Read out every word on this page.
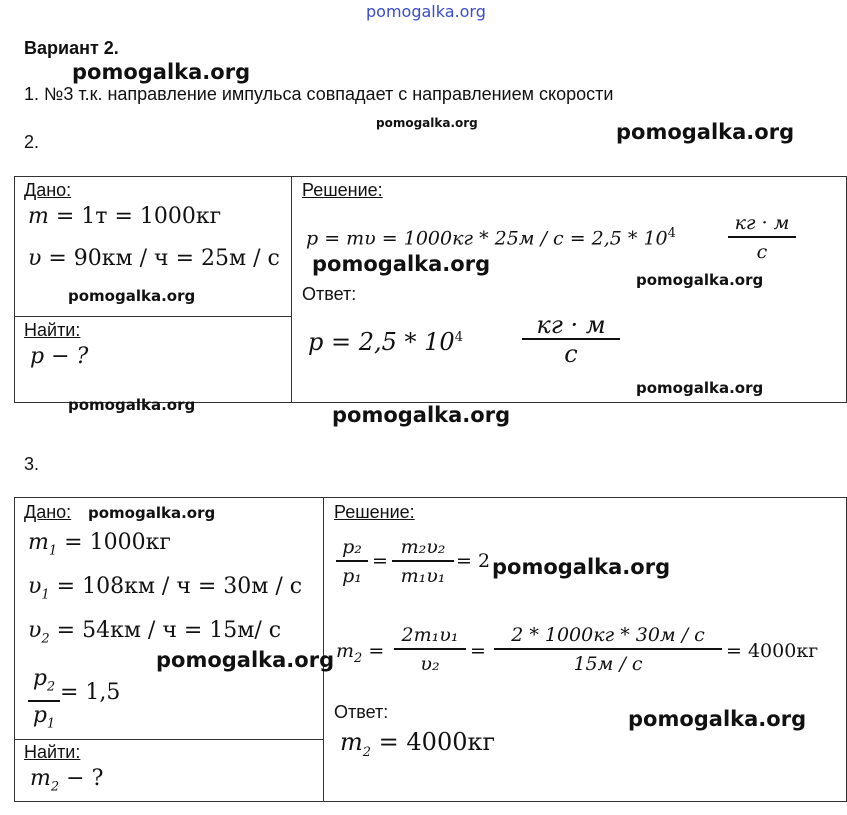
pomogalka.org
Вариант 2.
pomogalka.org
1. №3 т.к. направление импульса совпадает с направлением скорости
pomogalka.org
2.	pomogalka.org
Дано:
m = 1т = 1000кг
υ = 90км / ч = 25м / с
pomogalka.org
Найти:
p − ?
pomogalka.org
Решение:
$p = m\upsilon = 1000кг * 25м / с = 2,5 * 10^4$	кг · м
с
pomogalka.org
pomogalka.org
Ответ:
$p = 2,5 * 10^4$	кг · м
с
pomogalka.org
pomogalka.org
3.
Дано: pomogalka.org
$m_1 = 1000кг$
$\upsilon_1 = 108км / ч = 30м / с$
$\upsilon_2 = 54км / ч = 15м/$ с
pomogalka.org
$p_2$
$p_1$
= 1,5
Найти:
$m_2$ − ?
Решение:
p₂
p₁
=
m₂υ₂
m₁υ₁
= 2 pomogalka.org
$m_2$ =
2m₁υ₁
υ₂
=
2 * 1000кг * 30м / с
15м / с
= 4000кг
Ответ:	pomogalka.org
$m_2 = 4000кг$
